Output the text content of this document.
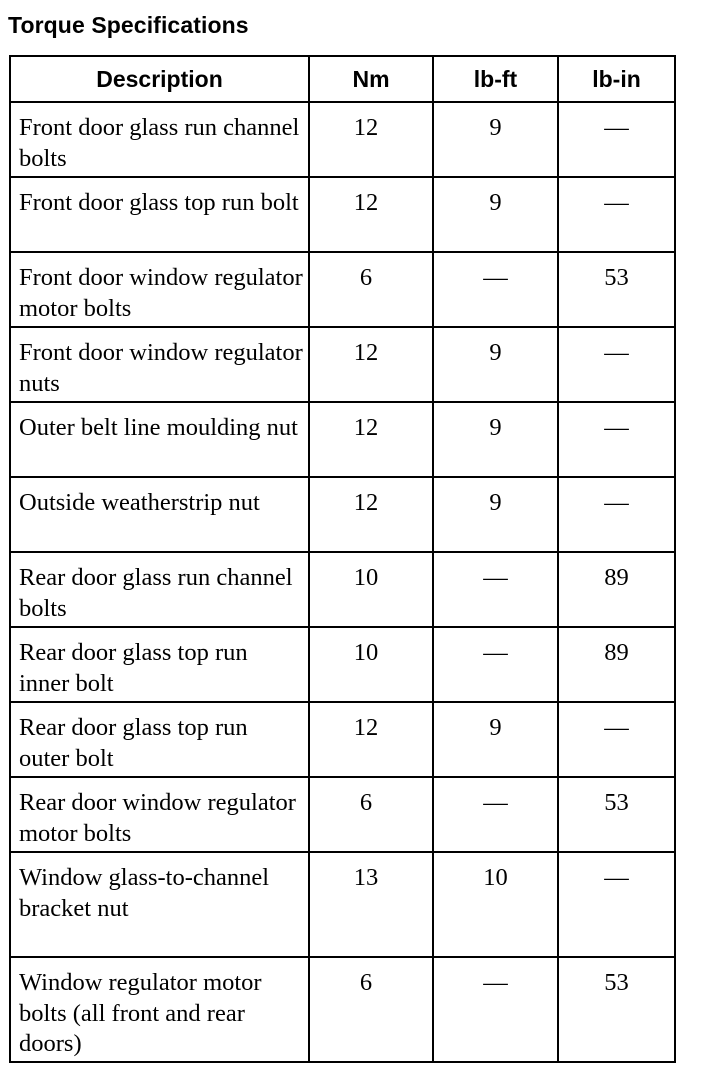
Torque Specifications
Description	Nm	lb-ft	lb-in
Front door glass run channel bolts	12	9	—
Front door glass top run bolt	12	9	—
Front door window regulator motor bolts	6	—	53
Front door window regulator nuts	12	9	—
Outer belt line moulding nut	12	9	—
Outside weatherstrip nut	12	9	—
Rear door glass run channel bolts	10	—	89
Rear door glass top run inner bolt	10	—	89
Rear door glass top run outer bolt	12	9	—
Rear door window regulator motor bolts	6	—	53
Window glass-to-channel bracket nut	13	10	—
Window regulator motor bolts (all front and rear doors)	6	—	53
